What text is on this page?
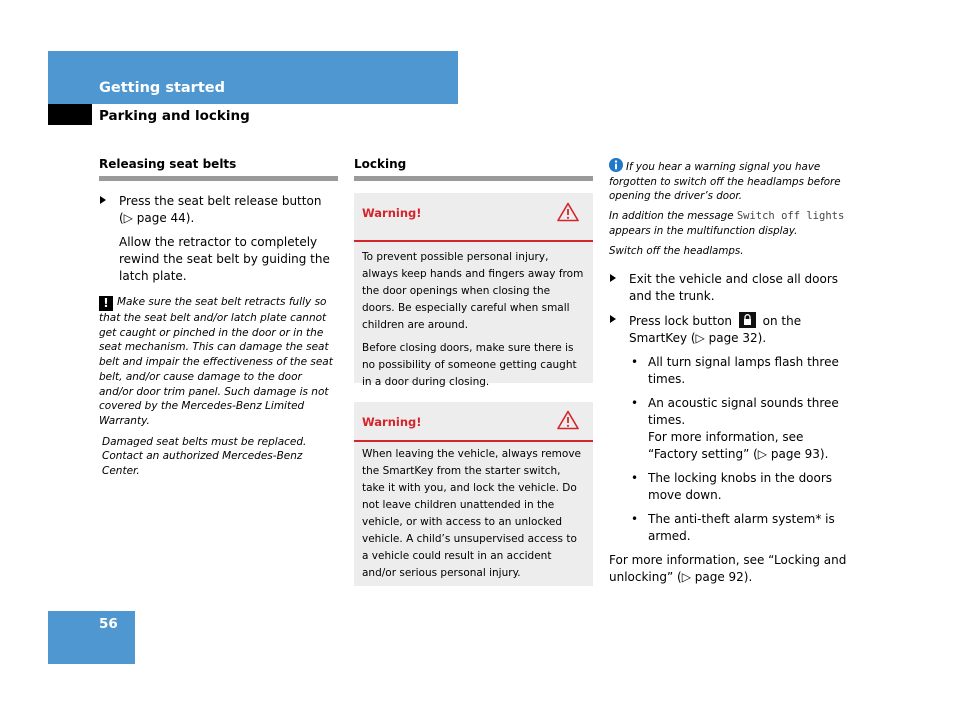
Getting started
Parking and locking
Releasing seat belts
Press the seat belt release button (▷ page 44).
Allow the retractor to completely rewind the seat belt by guiding the latch plate.
! Make sure the seat belt retracts fully so that the seat belt and/or latch plate cannot get caught or pinched in the door or in the seat mechanism. This can damage the seat belt and impair the effectiveness of the seat belt, and/or cause damage to the door and/or door trim panel. Such damage is not covered by the Mercedes-Benz Limited Warranty.
Damaged seat belts must be replaced. Contact an authorized Mercedes-Benz Center.
Locking
Warning!

To prevent possible personal injury, always keep hands and fingers away from the door openings when closing the doors. Be especially careful when small children are around.

Before closing doors, make sure there is no possibility of someone getting caught in a door during closing.

Warning!

When leaving the vehicle, always remove the SmartKey from the starter switch, take it with you, and lock the vehicle. Do not leave children unattended in the vehicle, or with access to an unlocked vehicle. A child’s unsupervised access to a vehicle could result in an accident and/or serious personal injury.

If you hear a warning signal you have forgotten to switch off the headlamps before opening the driver’s door.
In addition the message Switch off lights appears in the multifunction display.
Switch off the headlamps.
Exit the vehicle and close all doors and the trunk.
Press lock button	on the SmartKey (▷ page 32).
• All turn signal lamps flash three times.
• An acoustic signal sounds three times.
For more information, see “Factory setting” (▷ page 93).
• The locking knobs in the doors move down.
• The anti-theft alarm system* is armed.
For more information, see “Locking and unlocking” (▷ page 92).
56
